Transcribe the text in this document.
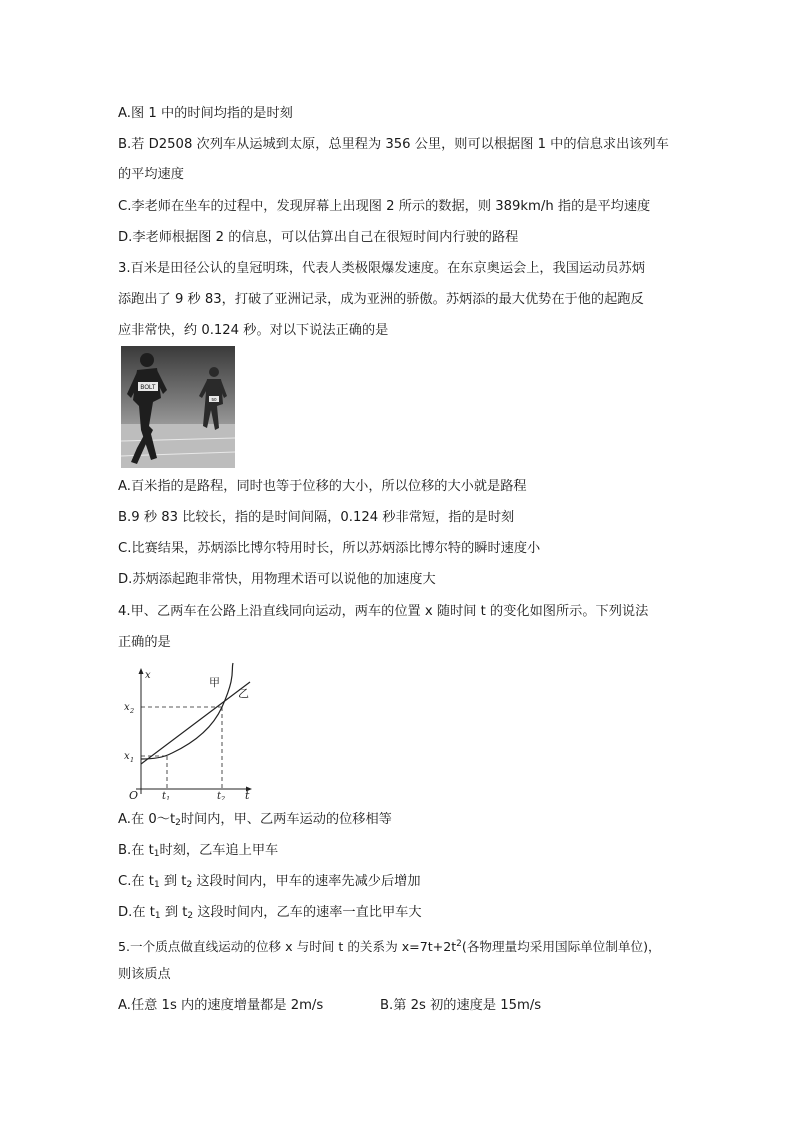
A.图 1 中的时间均指的是时刻
B.若 D2508 次列车从运城到太原，总里程为 356 公里，则可以根据图 1 中的信息求出该列车
的平均速度
C.李老师在坐车的过程中，发现屏幕上出现图 2 所示的数据，则 389km/h 指的是平均速度
D.李老师根据图 2 的信息，可以估算出自己在很短时间内行驶的路程
3.百米是田径公认的皇冠明珠，代表人类极限爆发速度。在东京奥运会上，我国运动员苏炳
添跑出了 9 秒 83，打破了亚洲记录，成为亚洲的骄傲。苏炳添的最大优势在于他的起跑反
应非常快，约 0.124 秒。对以下说法正确的是
BOLT
50
A.百米指的是路程，同时也等于位移的大小，所以位移的大小就是路程
B.9 秒 83 比较长，指的是时间间隔，0.124 秒非常短，指的是时刻
C.比赛结果，苏炳添比博尔特用时长，所以苏炳添比博尔特的瞬时速度小
D.苏炳添起跑非常快，用物理术语可以说他的加速度大
4.甲、乙两车在公路上沿直线同向运动，两车的位置 x 随时间 t 的变化如图所示。下列说法
正确的是
x
t
O
x 2
x 1
t 1	t 2
甲
乙
A.在 $0\sim t_2$时间内，甲、乙两车运动的位移相等
B.在 $t_1$时刻，乙车追上甲车
C.在 $t_1$ 到 $t_2$ 这段时间内，甲车的速率先减少后增加
D.在 $t_1$ 到 $t_2$ 这段时间内，乙车的速率一直比甲车大
5.一个质点做直线运动的位移 x 与时间 t 的关系为 $x=7t+2t^2$(各物理量均采用国际单位制单位)，
则该质点
A.任意 1s 内的速度增量都是 2m/s	B.第 2s 初的速度是 15m/s
